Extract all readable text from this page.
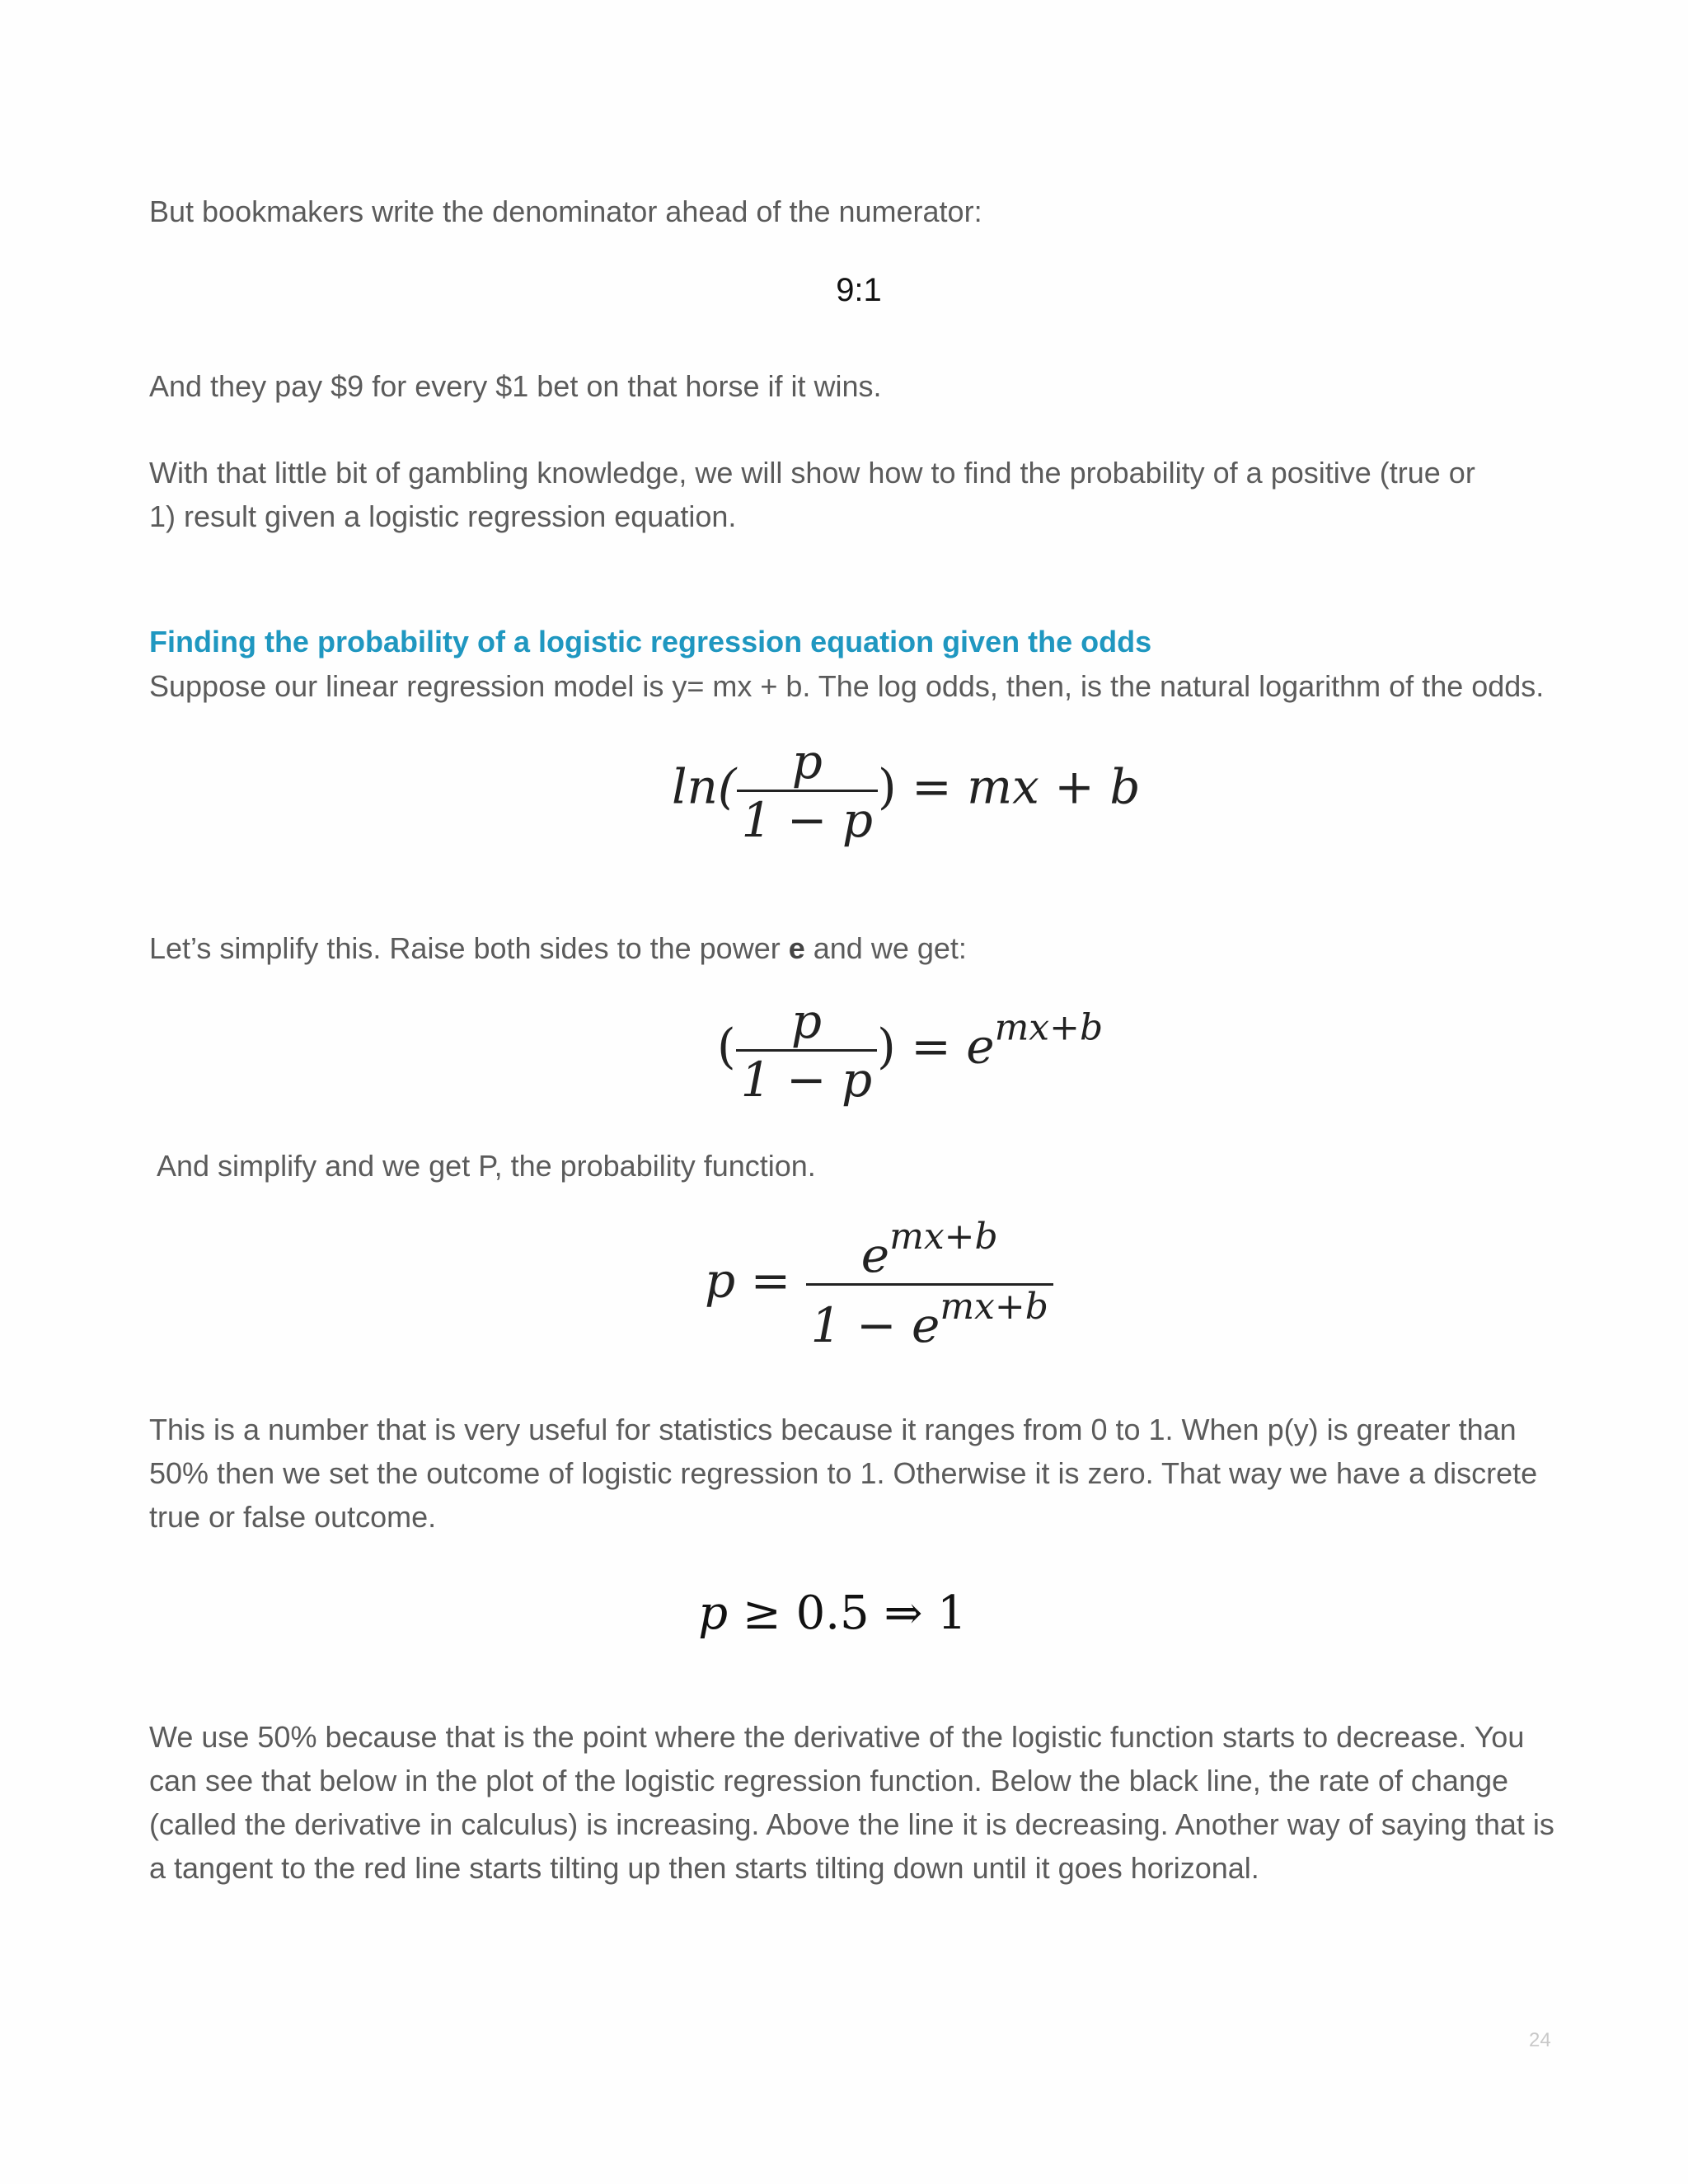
But bookmakers write the denominator ahead of the numerator:

9:1

And they pay $9 for every $1 bet on that horse if it wins.

With that little bit of gambling knowledge, we will show how to find the probability of a positive (true or 1) result given a logistic regression equation.

Finding the probability of a logistic regression equation given the odds

Suppose our linear regression model is y= mx + b. The log odds, then, is the natural logarithm of the odds.

$\ln( \frac{p}{1 - p}$ ) = mx + b

Let’s simplify this. Raise both sides to the power e and we get:

( $\frac{p}{1 - p}$ ) = $e^{mx+b}$

And simplify and we get P, the probability function.

$p = \frac{e^{mx+b}}{1 - e^{mx+b}}$

This is a number that is very useful for statistics because it ranges from 0 to 1. When p(y) is greater than 50% then we set the outcome of logistic regression to 1. Otherwise it is zero. That way we have a discrete true or false outcome.

p ≥ 0.5 ⇒ 1

We use 50% because that is the point where the derivative of the logistic function starts to decrease. You can see that below in the plot of the logistic regression function. Below the black line, the rate of change (called the derivative in calculus) is increasing. Above the line it is decreasing. Another way of saying that is a tangent to the red line starts tilting up then starts tilting down until it goes horizonal.

24
